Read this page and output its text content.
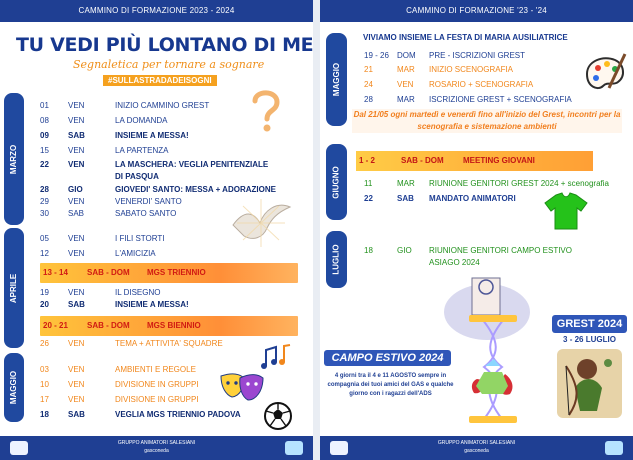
CAMMINO DI FORMAZIONE 2023 - 2024
TU VEDI PIÙ LONTANO DI ME
Segnaletica per tornare a sognare
#SULLASTRADADEISOGNI
MARZO
APRILE
MAGGIO
01 VEN	INIZIO CAMMINO GREST
08 VEN	LA DOMANDA
09 SAB	INSIEME A MESSA!
15 VEN	LA PARTENZA
22 VEN	LA MASCHERA: VEGLIA PENITENZIALE
DI PASQUA
28 GIO	GIOVEDI' SANTO: MESSA + ADORAZIONE
29 VEN	VENERDI' SANTO
30 SAB	SABATO SANTO
05 VEN	I FILI STORTI
12 VEN	L'AMICIZIA
13 - 14 SAB - DOM MGS TRIENNIO
19 VEN	IL DISEGNO
20 SAB	INSIEME A MESSA!
20 - 21 SAB - DOM MGS BIENNIO
26 VEN	TEMA + ATTIVITA' SQUADRE
03 VEN	AMBIENTI E REGOLE
10 VEN	DIVISIONE IN GRUPPI
17 VEN	DIVISIONE IN GRUPPI
18 SAB	VEGLIA MGS TRIENNIO PADOVA
GRUPPO ANIMATORI SALESIANI
gasconeda
CAMMINO DI FORMAZIONE '23 - '24
VIVIAMO INSIEME LA FESTA DI MARIA AUSILIATRICE
MAGGIO
GIUGNO
LUGLIO
19 - 26 DOM PRE - ISCRIZIONI GREST
21	MAR INIZIO SCENOGRAFIA
24	VEN ROSARIO + SCENOGRAFIA
28	MAR ISCRIZIONE GREST + SCENOGRAFIA
Dal 21/05 ogni martedì e venerdì fino all'inizio del Grest, incontri per la scenografia e sistemazione ambienti
1 - 2	SAB - DOM MEETING GIOVANI
11	MAR RIUNIONE GENITORI GREST 2024 + scenografia
22	SAB MANDATO ANIMATORI
18	GIO RIUNIONE GENITORI CAMPO ESTIVO
ASIAGO 2024
CAMPO ESTIVO 2024
4 giorni tra il 4 e 11 AGOSTO sempre in compagnia dei tuoi amici del GAS e qualche giorno con i ragazzi dell'ADS
GREST 2024
3 - 26 LUGLIO
GRUPPO ANIMATORI SALESIANI
gasconeda
